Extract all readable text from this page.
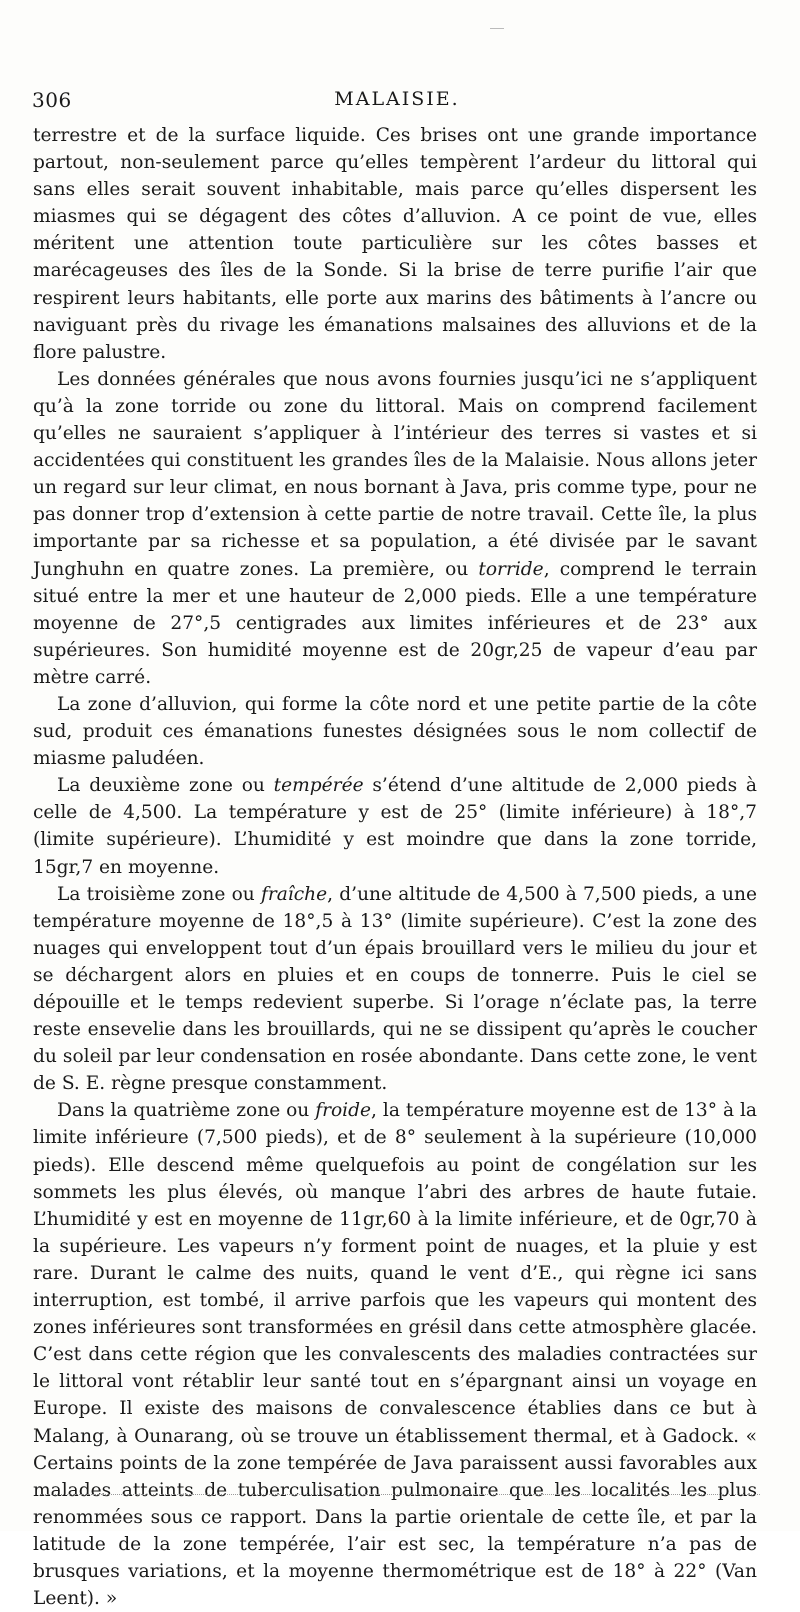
306	MALAISIE.

terrestre et de la surface liquide. Ces brises ont une grande importance partout, non-seulement parce qu’elles tempèrent l’ardeur du littoral qui sans elles serait souvent inhabitable, mais parce qu’elles dispersent les miasmes qui se dégagent des côtes d’alluvion. A ce point de vue, elles méritent une attention toute particulière sur les côtes basses et marécageuses des îles de la Sonde. Si la brise de terre purifie l’air que respirent leurs habitants, elle porte aux marins des bâtiments à l’ancre ou naviguant près du rivage les émanations malsaines des alluvions et de la flore palustre.

Les données générales que nous avons fournies jusqu’ici ne s’appliquent qu’à la zone torride ou zone du littoral. Mais on comprend facilement qu’elles ne sauraient s’appliquer à l’intérieur des terres si vastes et si accidentées qui constituent les grandes îles de la Malaisie. Nous allons jeter un regard sur leur climat, en nous bornant à Java, pris comme type, pour ne pas donner trop d’extension à cette partie de notre travail. Cette île, la plus importante par sa richesse et sa population, a été divisée par le savant Junghuhn en quatre zones. La première, ou torride, comprend le terrain situé entre la mer et une hauteur de 2,000 pieds. Elle a une température moyenne de 27°,5 centigrades aux limites inférieures et de 23° aux supérieures. Son humidité moyenne est de 20gr,25 de vapeur d’eau par mètre carré.

La zone d’alluvion, qui forme la côte nord et une petite partie de la côte sud, produit ces émanations funestes désignées sous le nom collectif de miasme paludéen.

La deuxième zone ou tempérée s’étend d’une altitude de 2,000 pieds à celle de 4,500. La température y est de 25° (limite inférieure) à 18°,7 (limite supérieure). L’humidité y est moindre que dans la zone torride, 15gr,7 en moyenne.

La troisième zone ou fraîche, d’une altitude de 4,500 à 7,500 pieds, a une température moyenne de 18°,5 à 13° (limite supérieure). C’est la zone des nuages qui enveloppent tout d’un épais brouillard vers le milieu du jour et se déchargent alors en pluies et en coups de tonnerre. Puis le ciel se dépouille et le temps redevient superbe. Si l’orage n’éclate pas, la terre reste ensevelie dans les brouillards, qui ne se dissipent qu’après le coucher du soleil par leur condensation en rosée abondante. Dans cette zone, le vent de S. E. règne presque constamment.

Dans la quatrième zone ou froide, la température moyenne est de 13° à la limite inférieure (7,500 pieds), et de 8° seulement à la supérieure (10,000 pieds). Elle descend même quelquefois au point de congélation sur les sommets les plus élevés, où manque l’abri des arbres de haute futaie. L’humidité y est en moyenne de 11gr,60 à la limite inférieure, et de 0gr,70 à la supérieure. Les vapeurs n’y forment point de nuages, et la pluie y est rare. Durant le calme des nuits, quand le vent d’E., qui règne ici sans interruption, est tombé, il arrive parfois que les vapeurs qui montent des zones inférieures sont transformées en grésil dans cette atmosphère glacée. C’est dans cette région que les convalescents des maladies contractées sur le littoral vont rétablir leur santé tout en s’épargnant ainsi un voyage en Europe. Il existe des maisons de convalescence établies dans ce but à Malang, à Ounarang, où se trouve un établissement thermal, et à Gadock. « Certains points de la zone tempérée de Java paraissent aussi favorables aux malades atteints de tuberculisation pulmonaire que les localités les plus renommées sous ce rapport. Dans la partie orientale de cette île, et par la latitude de la zone tempérée, l’air est sec, la température n’a pas de brusques variations, et la moyenne thermométrique est de 18° à 22° (Van Leent). »
